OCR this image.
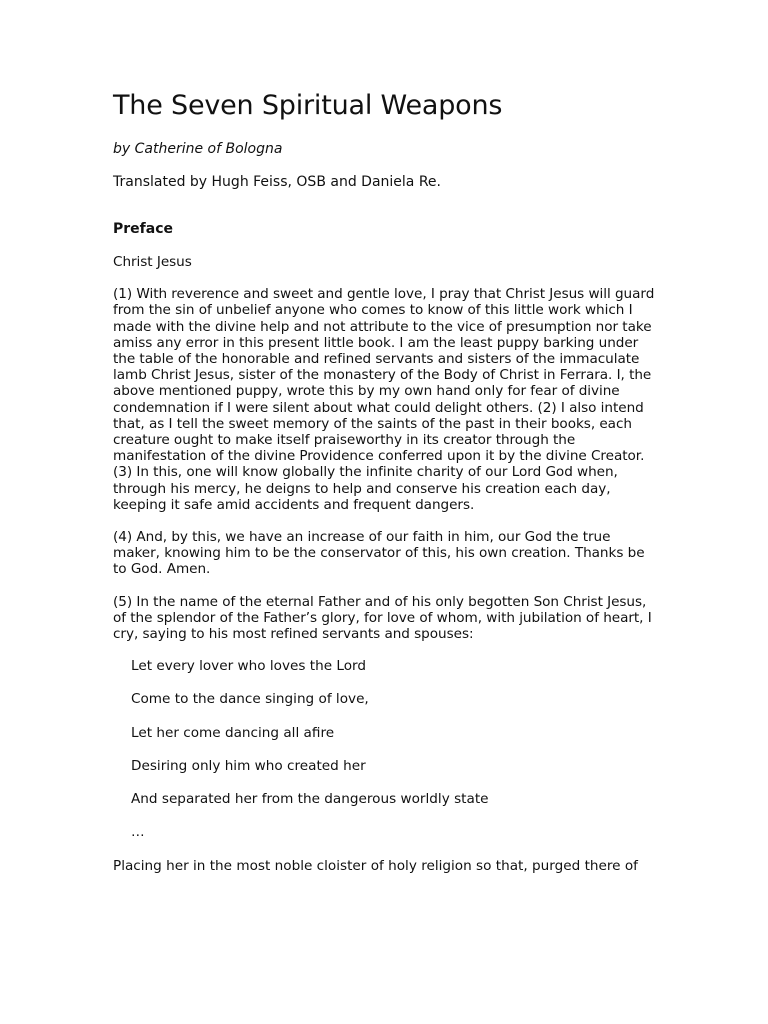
The Seven Spiritual Weapons

by Catherine of Bologna

Translated by Hugh Feiss, OSB and Daniela Re.

Preface

Christ Jesus

(1) With reverence and sweet and gentle love, I pray that Christ Jesus will guard from the sin of unbelief anyone who comes to know of this little work which I made with the divine help and not attribute to the vice of presumption nor take amiss any error in this present little book. I am the least puppy barking under the table of the honorable and refined servants and sisters of the immaculate lamb Christ Jesus, sister of the monastery of the Body of Christ in Ferrara. I, the above mentioned puppy, wrote this by my own hand only for fear of divine condemnation if I were silent about what could delight others. (2) I also intend that, as I tell the sweet memory of the saints of the past in their books, each creature ought to make itself praiseworthy in its creator through the manifestation of the divine Providence conferred upon it by the divine Creator. (3) In this, one will know globally the infinite charity of our Lord God when, through his mercy, he deigns to help and conserve his creation each day, keeping it safe amid accidents and frequent dangers.

(4) And, by this, we have an increase of our faith in him, our God the true maker, knowing him to be the conservator of this, his own creation. Thanks be to God. Amen.

(5) In the name of the eternal Father and of his only begotten Son Christ Jesus, of the splendor of the Father’s glory, for love of whom, with jubilation of heart, I cry, saying to his most refined servants and spouses:

Let every lover who loves the Lord

Come to the dance singing of love,

Let her come dancing all afire

Desiring only him who created her

And separated her from the dangerous worldly state

…

Placing her in the most noble cloister of holy religion so that, purged there of
